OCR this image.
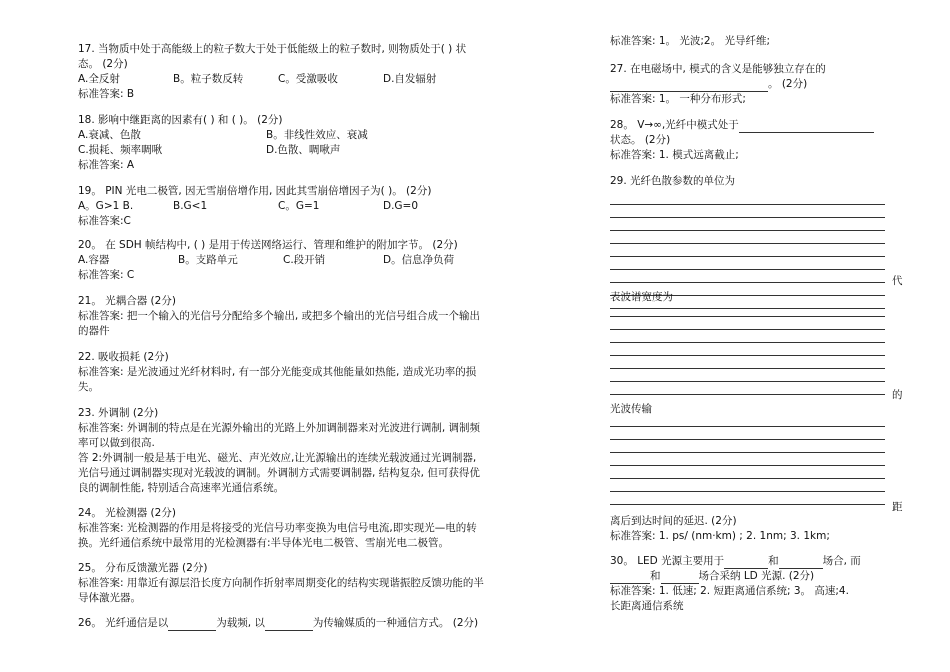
17. 当物质中处于高能级上的粒子数大于处于低能级上的粒子数时, 则物质处于( ) 状
态。 (2分)
A.全反射	B。粒子数反转	C。受激吸收	D.自发辐射
标准答案: B
18. 影响中继距离的因素有( ) 和 ( )。 (2分)
A.衰减、色散	B。非线性效应、衰减
C.损耗、频率啁啾	D.色散、啁啾声
标准答案: A
19。 PIN 光电二极管, 因无雪崩倍增作用, 因此其雪崩倍增因子为( )。 (2分)
A。G>1 B.	B.G<1	C。G=1	D.G=0
标准答案:C
20。 在 SDH 帧结构中, ( ) 是用于传送网络运行、管理和维护的附加字节。 (2分)
A.容器	B。支路单元	C.段开销	D。信息净负荷
标准答案: C
21。 光耦合器 (2分)
标准答案: 把一个输入的光信号分配给多个输出, 或把多个输出的光信号组合成一个输出
的器件
22. 吸收损耗 (2分)
标准答案: 是光波通过光纤材料时, 有一部分光能变成其他能量如热能, 造成光功率的损
失。
23. 外调制 (2分)
标准答案: 外调制的特点是在光源外输出的光路上外加调制器来对光波进行调制, 调制频
率可以做到很高.
答 2:外调制一般是基于电光、磁光、声光效应,让光源输出的连续光载波通过光调制器,
光信号通过调制器实现对光载波的调制。外调制方式需要调制器, 结构复杂, 但可获得优
良的调制性能, 特别适合高速率光通信系统。
24。 光检测器 (2分)
标准答案: 光检测器的作用是将接受的光信号功率变换为电信号电流,即实现光—电的转
换。光纤通信系统中最常用的光检测器有:半导体光电二极管、雪崩光电二极管。
25。 分布反馈激光器 (2分)
标准答案: 用靠近有源层沿长度方向制作折射率周期变化的结构实现谐振腔反馈功能的半
导体激光器。
26。 光纤通信是以	为载频, 以	为传输媒质的一种通信方式。 (2分)
标准答案: 1。 光波;2。 光导纤维;
27. 在电磁场中, 模式的含义是能够独立存在的
。 (2分)
标准答案: 1。 一种分布形式;
28。 V→∞,光纤中模式处于
状态。 (2分)
标准答案: 1. 模式远离截止;
29. 光纤色散参数的单位为
代
表波谱宽度为
的
光波传输
距
离后到达时间的延迟. (2分)
标准答案: 1. ps/ (nm·km) ; 2. 1nm; 3. 1km;
30。 LED 光源主要用于	和	场合, 而
和	场合采纳 LD 光源. (2分)
标准答案: 1. 低速; 2. 短距离通信系统; 3。 高速;4.
长距离通信系统
